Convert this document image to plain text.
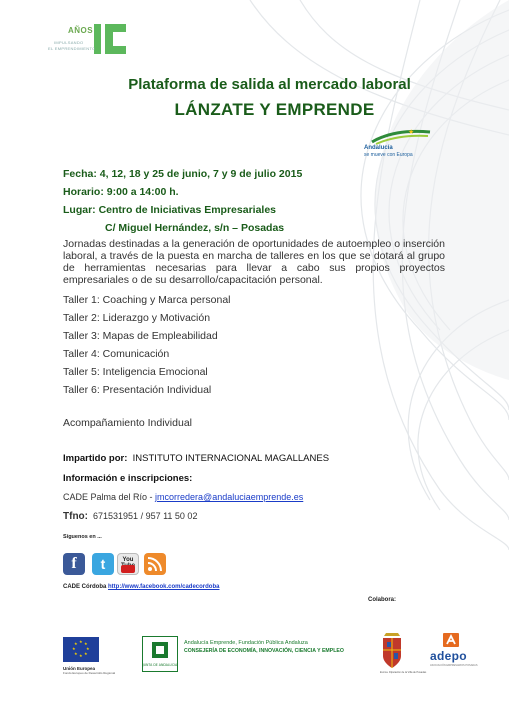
AÑOS
IMPULSANDO
EL EMPRENDIMIENTO
Plataforma de salida al mercado laboral
LÁNZATE Y EMPRENDE
★
Andalucía
se mueve con Europa
Fecha: 4, 12, 18 y 25 de junio, 7 y 9 de julio 2015
Horario: 9:00 a 14:00 h.
Lugar: Centro de Iniciativas Empresariales
C/ Miguel Hernández, s/n – Posadas
Jornadas destinadas a la generación de oportunidades de autoempleo o inserción laboral, a través de la puesta en marcha de talleres en los que se dotará al grupo de herramientas necesarias para llevar a cabo sus propios proyectos empresariales o de su desarrollo/capacitación personal.
Taller 1: Coaching y Marca personal
Taller 2: Liderazgo y Motivación
Taller 3: Mapas de Empleabilidad
Taller 4: Comunicación
Taller 5: Inteligencia Emocional
Taller 6: Presentación Individual
Acompañamiento Individual
Impartido por: INSTITUTO INTERNACIONAL MAGALLANES
Información e inscripciones:
CADE Palma del Río - jmcorredera@andaluciaemprende.es
Tfno: 671531951 / 957 11 50 02
Síguenos en ...
f	t	You
CADE Córdoba http://www.facebook.com/cadecordoba
Colabora:
★ ★
★
★
★
★
★
★
Unión Europea
Fondo Europeo de Desarrollo Regional
JUNTA DE ANDALUCIA
Andalucía Emprende, Fundación Pública Andaluza
CONSEJERÍA DE ECONOMÍA, INNOVACIÓN, CIENCIA Y EMPLEO
Excma. Diputación de la Villa de Posadas
adepo
ASOCIACIÓN EMPRESARIOS POSADAS
